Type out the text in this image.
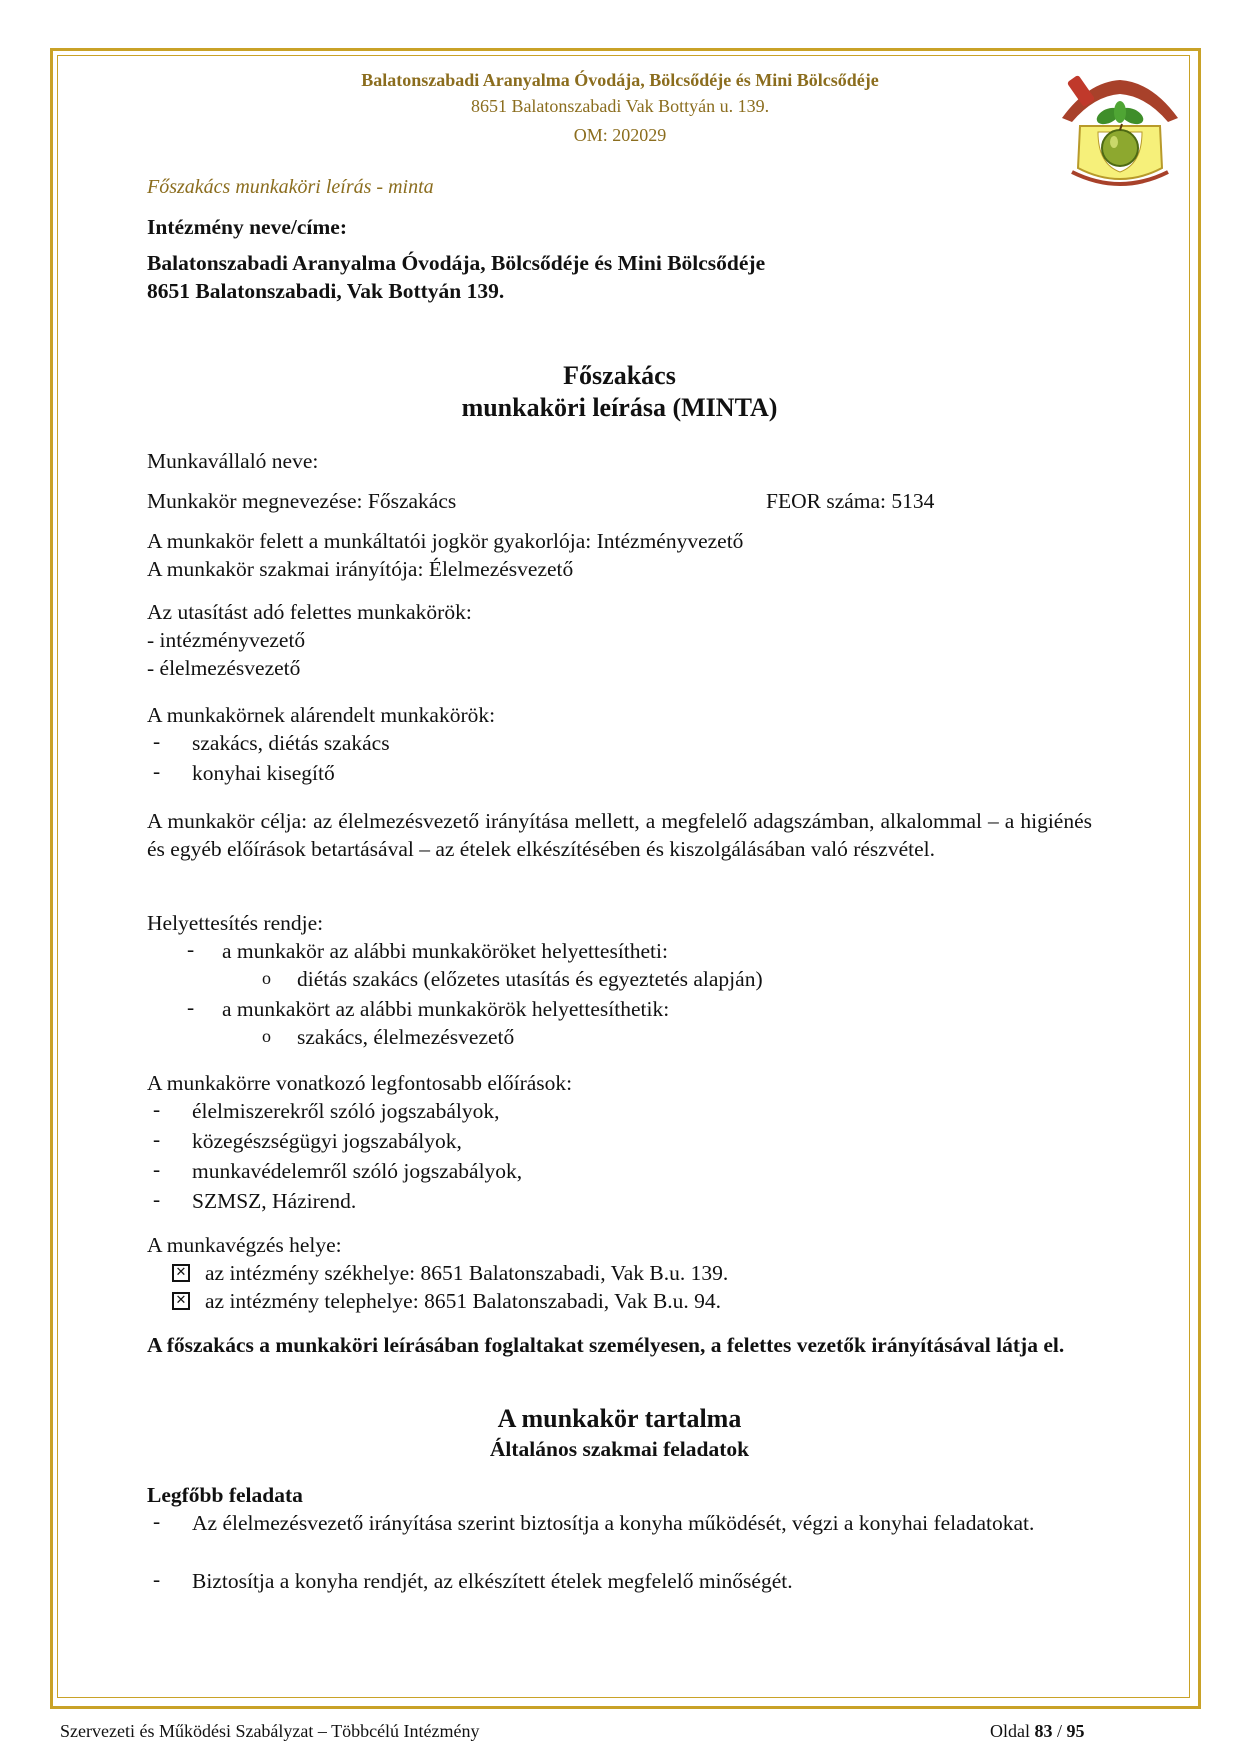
Balatonszabadi Aranyalma Óvodája, Bölcsődéje és Mini Bölcsődéje
8651 Balatonszabadi Vak Bottyán u. 139.
OM: 202029
Főszakács munkaköri leírás - minta
Intézmény neve/címe:
Balatonszabadi Aranyalma Óvodája, Bölcsődéje és Mini Bölcsődéje
8651 Balatonszabadi, Vak Bottyán 139.
Főszakács
munkaköri leírása (MINTA)
Munkavállaló neve:
Munkakör megnevezése: Főszakács	FEOR száma: 5134
A munkakör felett a munkáltatói jogkör gyakorlója: Intézményvezető
A munkakör szakmai irányítója: Élelmezésvezető
Az utasítást adó felettes munkakörök:
- intézményvezető
- élelmezésvezető
A munkakörnek alárendelt munkakörök:
- szakács, diétás szakács
- konyhai kisegítő
A munkakör célja: az élelmezésvezető irányítása mellett, a megfelelő adagszámban, alkalommal – a higiénés és egyéb előírások betartásával – az ételek elkészítésében és kiszolgálásában való részvétel.
Helyettesítés rendje:
- a munkakör az alábbi munkaköröket helyettesítheti:
o diétás szakács (előzetes utasítás és egyeztetés alapján)
- a munkakört az alábbi munkakörök helyettesíthetik:
o szakács, élelmezésvezető
A munkakörre vonatkozó legfontosabb előírások:
- élelmiszerekről szóló jogszabályok,
- közegészségügyi jogszabályok,
- munkavédelemről szóló jogszabályok,
- SZMSZ, Házirend.
A munkavégzés helye:
✕ az intézmény székhelye: 8651 Balatonszabadi, Vak B.u. 139.
✕ az intézmény telephelye: 8651 Balatonszabadi, Vak B.u. 94.
A főszakács a munkaköri leírásában foglaltakat személyesen, a felettes vezetők irányításával látja el.
A munkakör tartalma
Általános szakmai feladatok
Legfőbb feladata
- Az élelmezésvezető irányítása szerint biztosítja a konyha működését, végzi a konyhai feladatokat.
- Biztosítja a konyha rendjét, az elkészített ételek megfelelő minőségét.
Szervezeti és Működési Szabályzat – Többcélú Intézmény	Oldal 83 / 95
